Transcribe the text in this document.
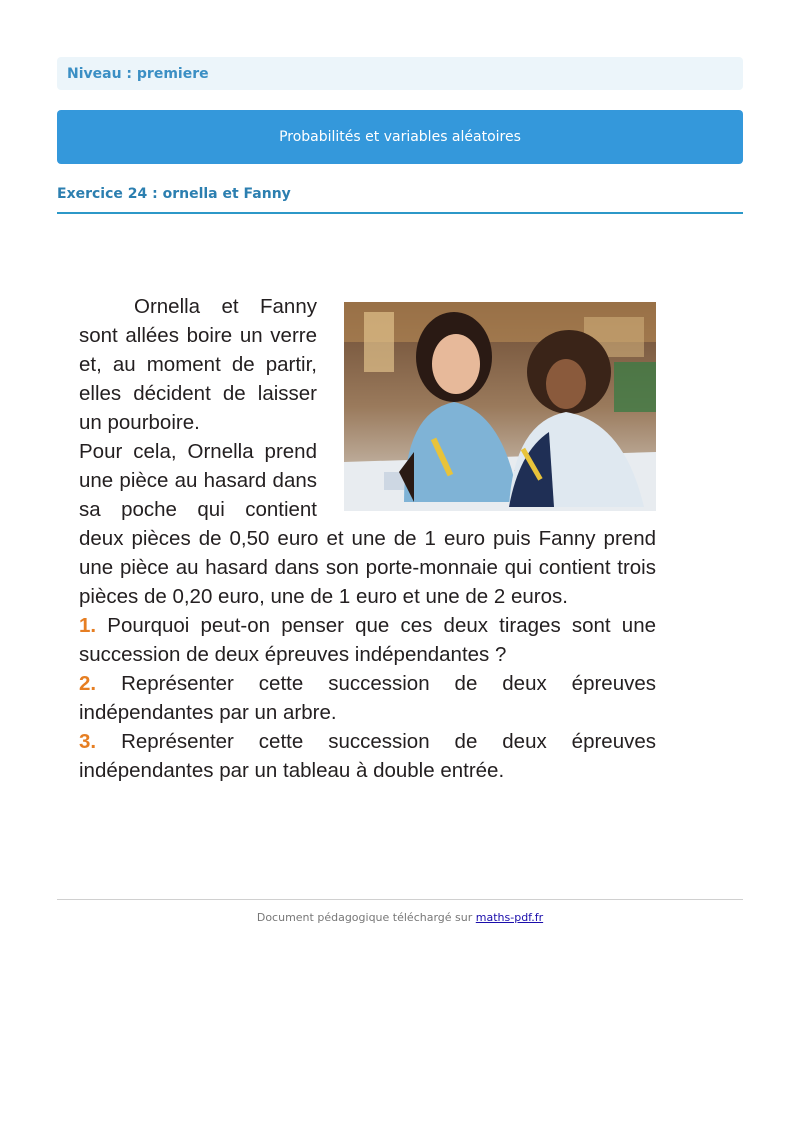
Niveau : premiere
Probabilités et variables aléatoires
Exercice 24 : ornella et Fanny

Ornella et Fanny sont allées boire un verre et, au moment de partir, elles décident de laisser un pourboire.

Pour cela, Ornella prend une pièce au hasard dans sa poche qui contient deux pièces de 0,50 euro et une de 1 euro puis Fanny prend une pièce au hasard dans son porte-monnaie qui contient trois pièces de 0,20 euro, une de 1 euro et une de 2 euros.

1. Pourquoi peut-on penser que ces deux tirages sont une succession de deux épreuves indépendantes ?

2. Représenter cette succession de deux épreuves indépendantes par un arbre.

3. Représenter cette succession de deux épreuves indépendantes par un tableau à double entrée.

Document pédagogique téléchargé sur maths-pdf.fr
